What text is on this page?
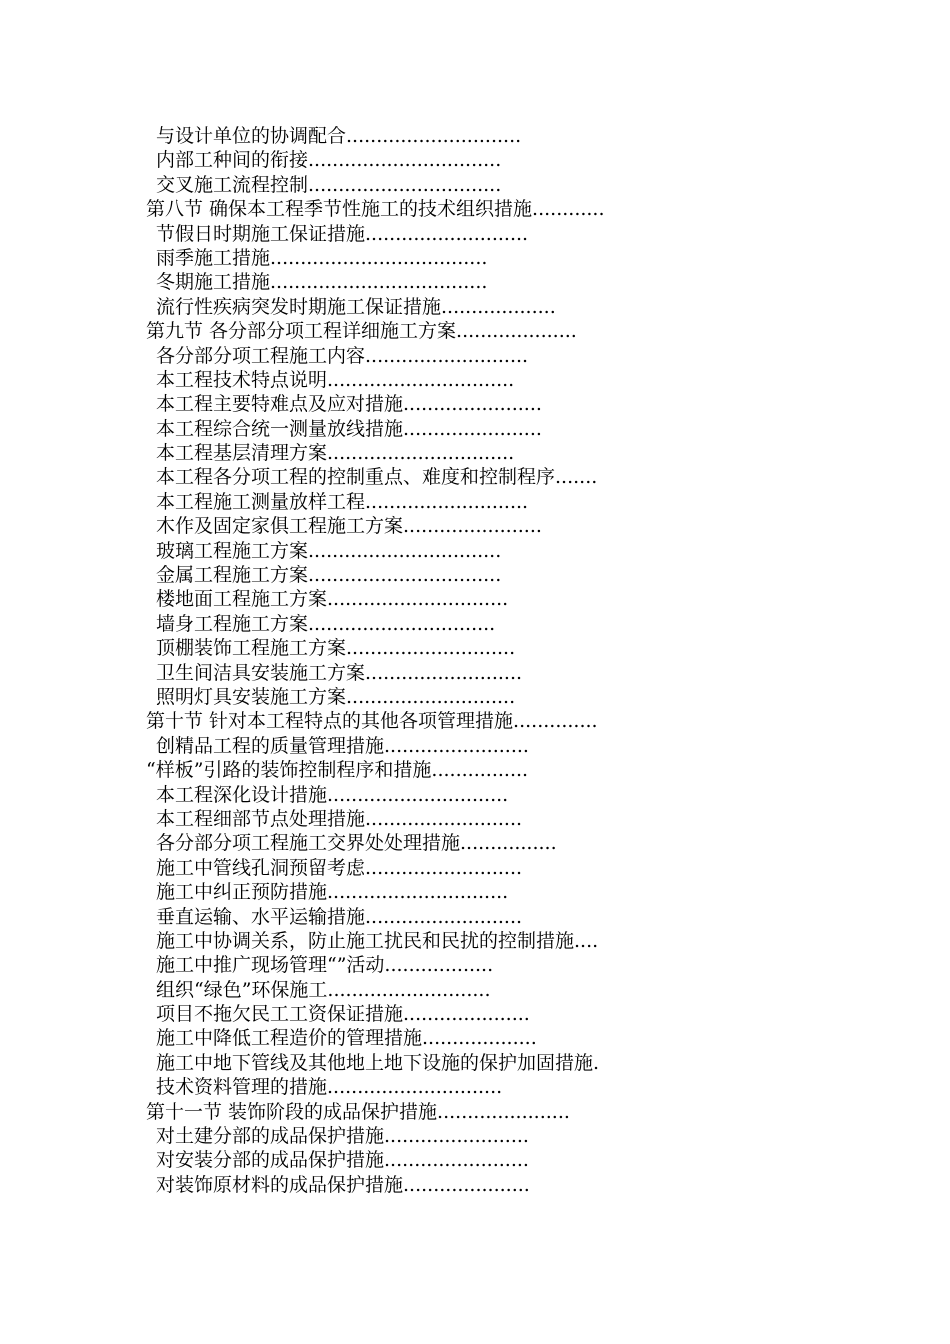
与设计单位的协调配合.............................
内部工种间的衔接................................
交叉施工流程控制................................
第八节 确保本工程季节性施工的技术组织措施............
节假日时期施工保证措施...........................
雨季施工措施....................................
冬期施工措施....................................
流行性疾病突发时期施工保证措施...................
第九节 各分部分项工程详细施工方案....................
各分部分项工程施工内容...........................
本工程技术特点说明...............................
本工程主要特难点及应对措施.......................
本工程综合统一测量放线措施.......................
本工程基层清理方案...............................
本工程各分项工程的控制重点、难度和控制程序.......
本工程施工测量放样工程...........................
木作及固定家俱工程施工方案.......................
玻璃工程施工方案................................
金属工程施工方案................................
楼地面工程施工方案..............................
墙身工程施工方案...............................
顶棚装饰工程施工方案............................
卫生间洁具安装施工方案..........................
照明灯具安装施工方案............................
第十节 针对本工程特点的其他各项管理措施..............
创精品工程的质量管理措施........................
“样板”引路的装饰控制程序和措施................
本工程深化设计措施..............................
本工程细部节点处理措施..........................
各分部分项工程施工交界处处理措施................
施工中管线孔洞预留考虑..........................
施工中纠正预防措施..............................
垂直运输、水平运输措施..........................
施工中协调关系，防止施工扰民和民扰的控制措施....
施工中推广现场管理“”活动..................
组织“绿色”环保施工...........................
项目不拖欠民工工资保证措施.....................
施工中降低工程造价的管理措施...................
施工中地下管线及其他地上地下设施的保护加固措施.
技术资料管理的措施.............................
第十一节 装饰阶段的成品保护措施......................
对土建分部的成品保护措施........................
对安装分部的成品保护措施........................
对装饰原材料的成品保护措施.....................
